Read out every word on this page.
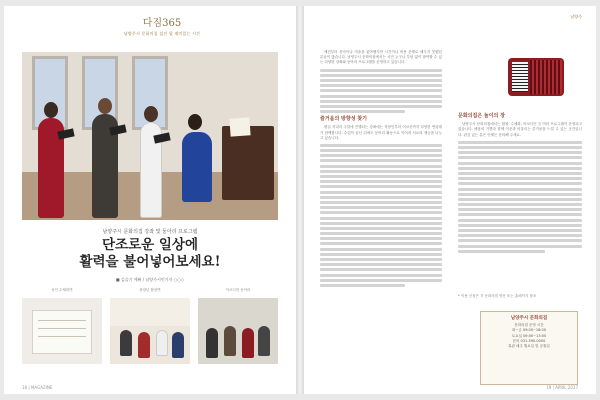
다짐365
남양주시 문화의집 섬진 됩 재미있는 시간
남양주시 문화의집 강좌 및 둘아리 프로그램
단조로운 일상에
활력을 불어넣어보세요!
■ 김슬기 예뻐 / 남양주시민기자 ○○○
성인 수채화반	중장년 합창반	아코디언 동아리
18 | MAGAZINE
남양주

예전부터 음악이나 미술을 좋아했지만 시간이나 비용 문제로 배우지 못했던 분들이 많습니다. 남양주시 문화의집에서는 시민 누구나 부담 없이 참여할 수 있는 다양한 강좌와 동아리 프로그램을 운영하고 있습니다.

즐거움의 방향성 찾기

평일 저녁과 주말에 진행되는 강좌에는 직장인부터 어르신까지 다양한 연령대가 함께합니다. 수업이 끝난 뒤에도 동아리 활동으로 이어져 서로의 재능을 나누고 있습니다.

문화의집은 놀이의 장

남양주시 문화의집에서는 합창, 수채화, 아코디언 등 여러 프로그램이 운영되고 있습니다. 배움의 기쁨과 함께 이웃과 어울리는 즐거움을 느낄 수 있는 공간입니다. 관심 있는 분은 언제든 문의해 주세요.

* 이용 신청은 각 문화의집 방문 또는 홈페이지 참조
남양주시 문화의집
문화의집 운영 시간
화~금 09:00~18:00
토요일 09:00~13:00
문의 031-590-0000
휴관 매주 월요일 및 공휴일
19 | APRIL 2017
